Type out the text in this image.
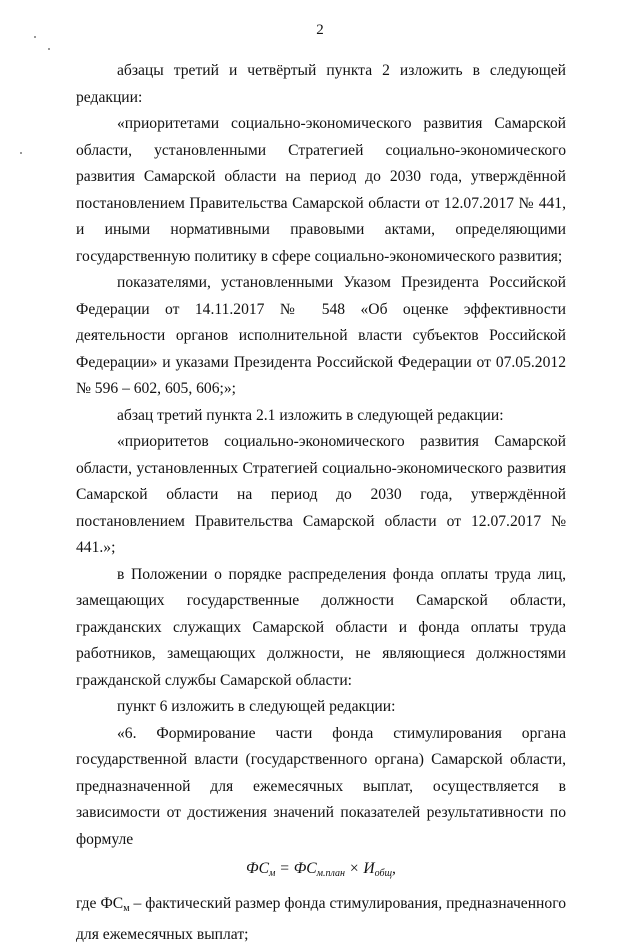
2

абзацы третий и четвёртый пункта 2 изложить в следующей редакции:

«приоритетами социально-экономического развития Самарской области, установленными Стратегией социально-экономического развития Самарской области на период до 2030 года, утверждённой постановлением Правительства Самарской области от 12.07.2017 № 441, и иными нормативными правовыми актами, определяющими государственную политику в сфере социально-экономического развития;

показателями, установленными Указом Президента Российской Федерации от 14.11.2017 № 548 «Об оценке эффективности деятельности органов исполнительной власти субъектов Российской Федерации» и указами Президента Российской Федерации от 07.05.2012 № 596 – 602, 605, 606;»;

абзац третий пункта 2.1 изложить в следующей редакции:

«приоритетов социально-экономического развития Самарской области, установленных Стратегией социально-экономического развития Самарской области на период до 2030 года, утверждённой постановлением Правительства Самарской области от 12.07.2017 № 441.»;

в Положении о порядке распределения фонда оплаты труда лиц, замещающих государственные должности Самарской области, гражданских служащих Самарской области и фонда оплаты труда работников, замещающих должности, не являющиеся должностями гражданской службы Самарской области:

пункт 6 изложить в следующей редакции:

«6. Формирование части фонда стимулирования органа государственной власти (государственного органа) Самарской области, предназначенной для ежемесячных выплат, осуществляется в зависимости от достижения значений показателей результативности по формуле

$ФС_м = ФС_{м.план} \times И_{общ}$,

где $ФС_м$ – фактический размер фонда стимулирования, предназначенного для ежемесячных выплат;
